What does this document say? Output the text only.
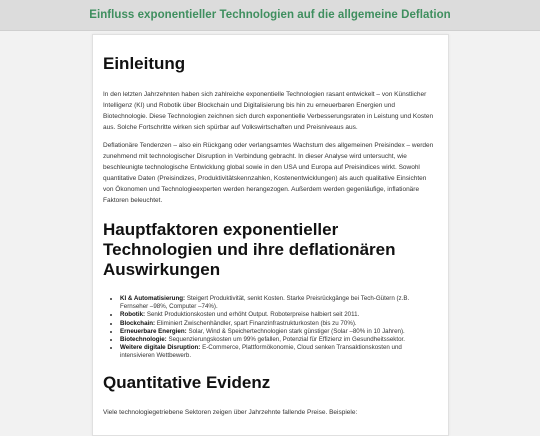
Einfluss exponentieller Technologien auf die allgemeine Deflation
Einleitung

In den letzten Jahrzehnten haben sich zahlreiche exponentielle Technologien rasant entwickelt – von Künstlicher Intelligenz (KI) und Robotik über Blockchain und Digitalisierung bis hin zu erneuerbaren Energien und Biotechnologie. Diese Technologien zeichnen sich durch exponentielle Verbesserungsraten in Leistung und Kosten aus. Solche Fortschritte wirken sich spürbar auf Volkswirtschaften und Preisniveaus aus.

Deflationäre Tendenzen – also ein Rückgang oder verlangsamtes Wachstum des allgemeinen Preisindex – werden zunehmend mit technologischer Disruption in Verbindung gebracht. In dieser Analyse wird untersucht, wie beschleunigte technologische Entwicklung global sowie in den USA und Europa auf Preisindices wirkt. Sowohl quantitative Daten (Preisindizes, Produktivitätskennzahlen, Kostenentwicklungen) als auch qualitative Einsichten von Ökonomen und Technologieexperten werden herangezogen. Außerdem werden gegenläufige, inflationäre Faktoren beleuchtet.

Hauptfaktoren exponentieller Technologien und ihre deflationären Auswirkungen
• KI & Automatisierung: Steigert Produktivität, senkt Kosten. Starke Preisrückgänge bei Tech-Gütern (z.B. Fernseher –98%, Computer –74%).
• Robotik: Senkt Produktionskosten und erhöht Output. Roboterpreise halbiert seit 2011.
• Blockchain: Eliminiert Zwischenhändler, spart Finanzinfrastrukturkosten (bis zu 70%).
• Erneuerbare Energien: Solar, Wind & Speichertechnologien stark günstiger (Solar –80% in 10 Jahren).
• Biotechnologie: Sequenzierungskosten um 99% gefallen, Potenzial für Effizienz im Gesundheitssektor.
• Weitere digitale Disruption: E-Commerce, Plattformökonomie, Cloud senken Transaktionskosten und intensivieren Wettbewerb.
Quantitative Evidenz

Viele technologiegetriebene Sektoren zeigen über Jahrzehnte fallende Preise. Beispiele:
